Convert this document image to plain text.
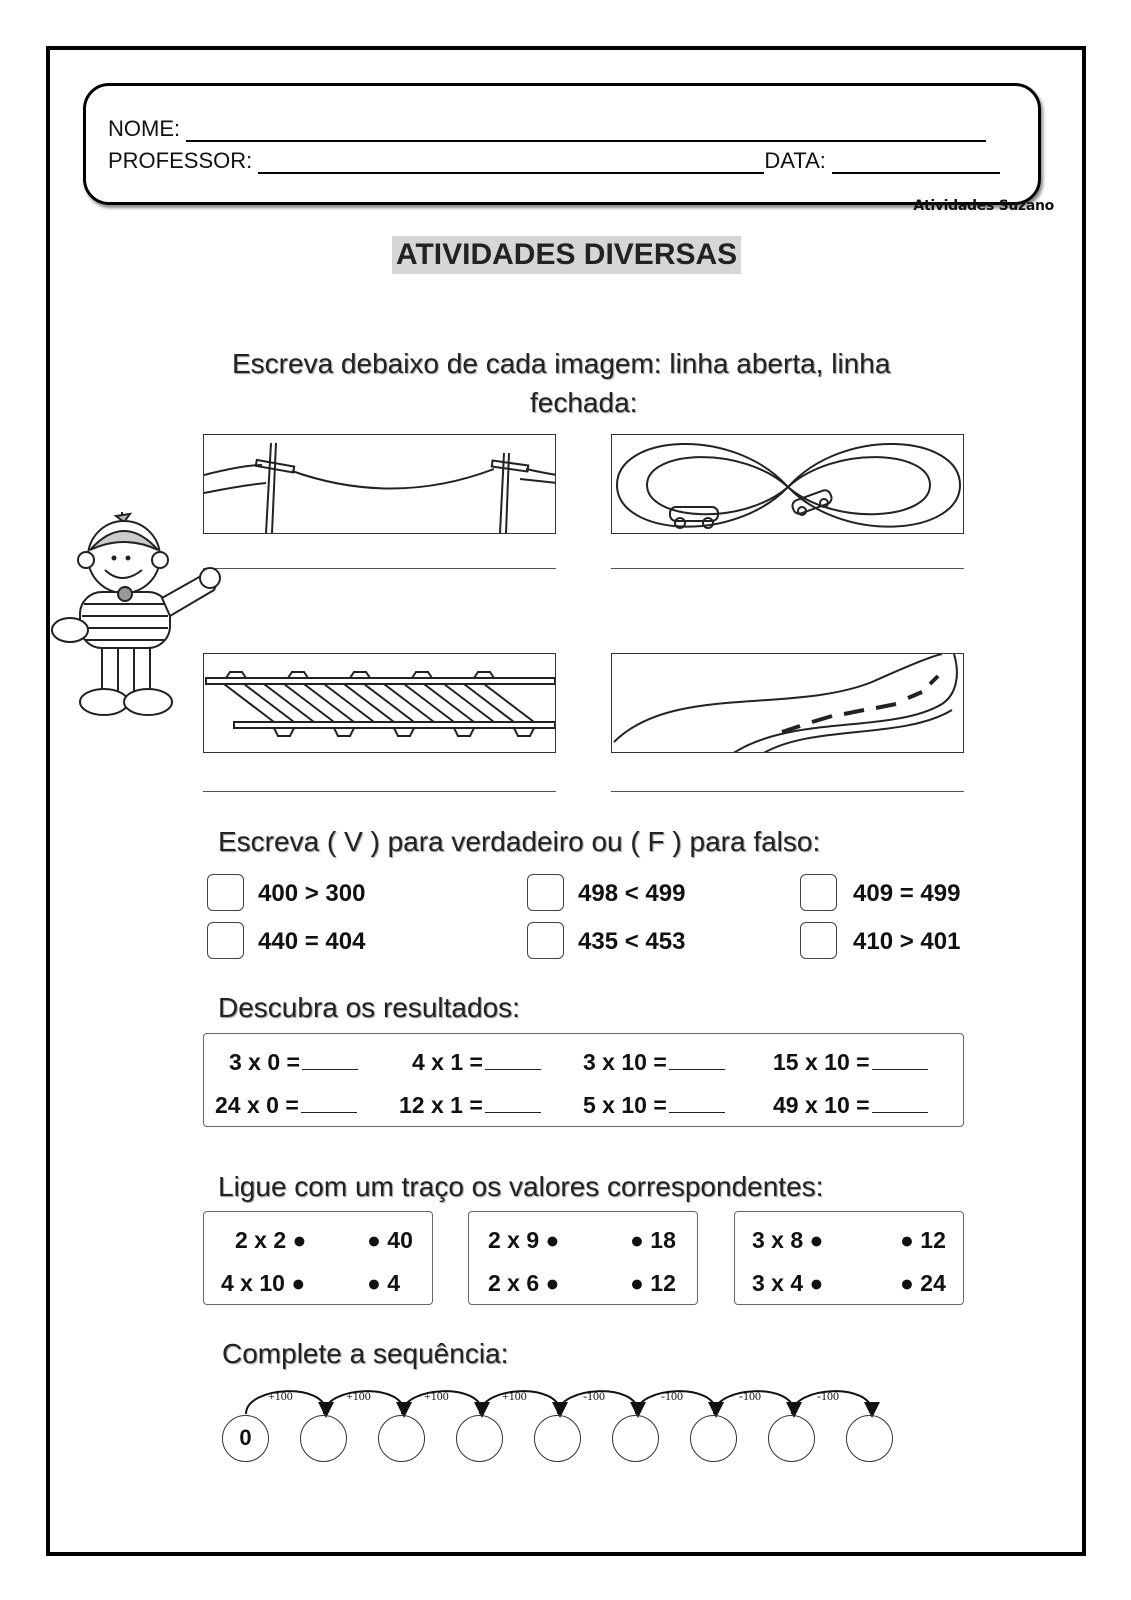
NOME:
PROFESSOR:	DATA:
Atividades Suzano
ATIVIDADES DIVERSAS
Escreva debaixo de cada imagem: linha aberta, linha
fechada:
Escreva ( V ) para verdadeiro ou ( F ) para falso:
400 > 300	498 < 499	409 = 499
440 = 404	435 < 453	410 > 401
Descubra os resultados:
3 x 0 =	4 x 1 =	3 x 10 =	15 x 10 =
24 x 0 =	12 x 1 =	5 x 10 =	49 x 10 =
Ligue com um traço os valores correspondentes:
2 x 2 ●	● 40
4 x 10 ●	● 4
2 x 9 ●	● 18
2 x 6 ●	● 12
3 x 8 ●	● 12
3 x 4 ●	● 24
Complete a sequência:
0
+100	+100	+100	+100	-100	-100	-100	-100
